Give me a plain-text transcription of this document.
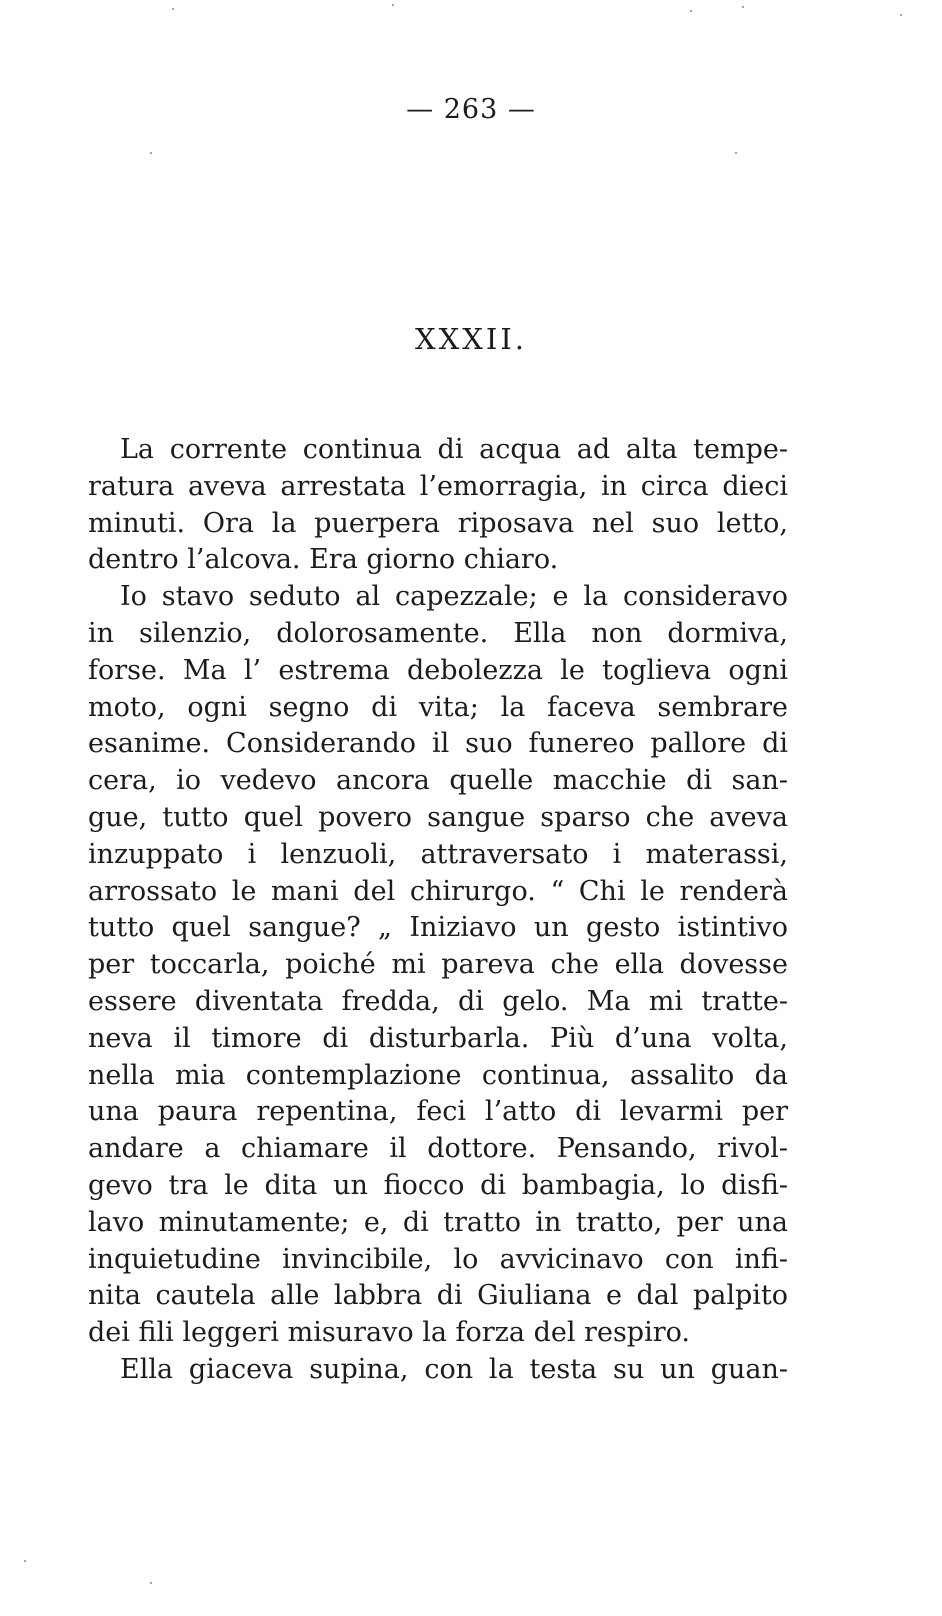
— 263 —
XXXII.
La corrente continua di acqua ad alta tempe-
ratura aveva arrestata l’emorragia, in circa dieci
minuti. Ora la puerpera riposava nel suo letto,
dentro l’alcova. Era giorno chiaro.
Io stavo seduto al capezzale; e la consideravo
in silenzio, dolorosamente. Ella non dormiva,
forse. Ma l’ estrema debolezza le toglieva ogni
moto, ogni segno di vita; la faceva sembrare
esanime. Considerando il suo funereo pallore di
cera, io vedevo ancora quelle macchie di san-
gue, tutto quel povero sangue sparso che aveva
inzuppato i lenzuoli, attraversato i materassi,
arrossato le mani del chirurgo. “ Chi le renderà
tutto quel sangue? „ Iniziavo un gesto istintivo
per toccarla, poiché mi pareva che ella dovesse
essere diventata fredda, di gelo. Ma mi tratte-
neva il timore di disturbarla. Più d’una volta,
nella mia contemplazione continua, assalito da
una paura repentina, feci l’atto di levarmi per
andare a chiamare il dottore. Pensando, rivol-
gevo tra le dita un fiocco di bambagia, lo disfi-
lavo minutamente; e, di tratto in tratto, per una
inquietudine invincibile, lo avvicinavo con infi-
nita cautela alle labbra di Giuliana e dal palpito
dei fili leggeri misuravo la forza del respiro.
Ella giaceva supina, con la testa su un guan-
